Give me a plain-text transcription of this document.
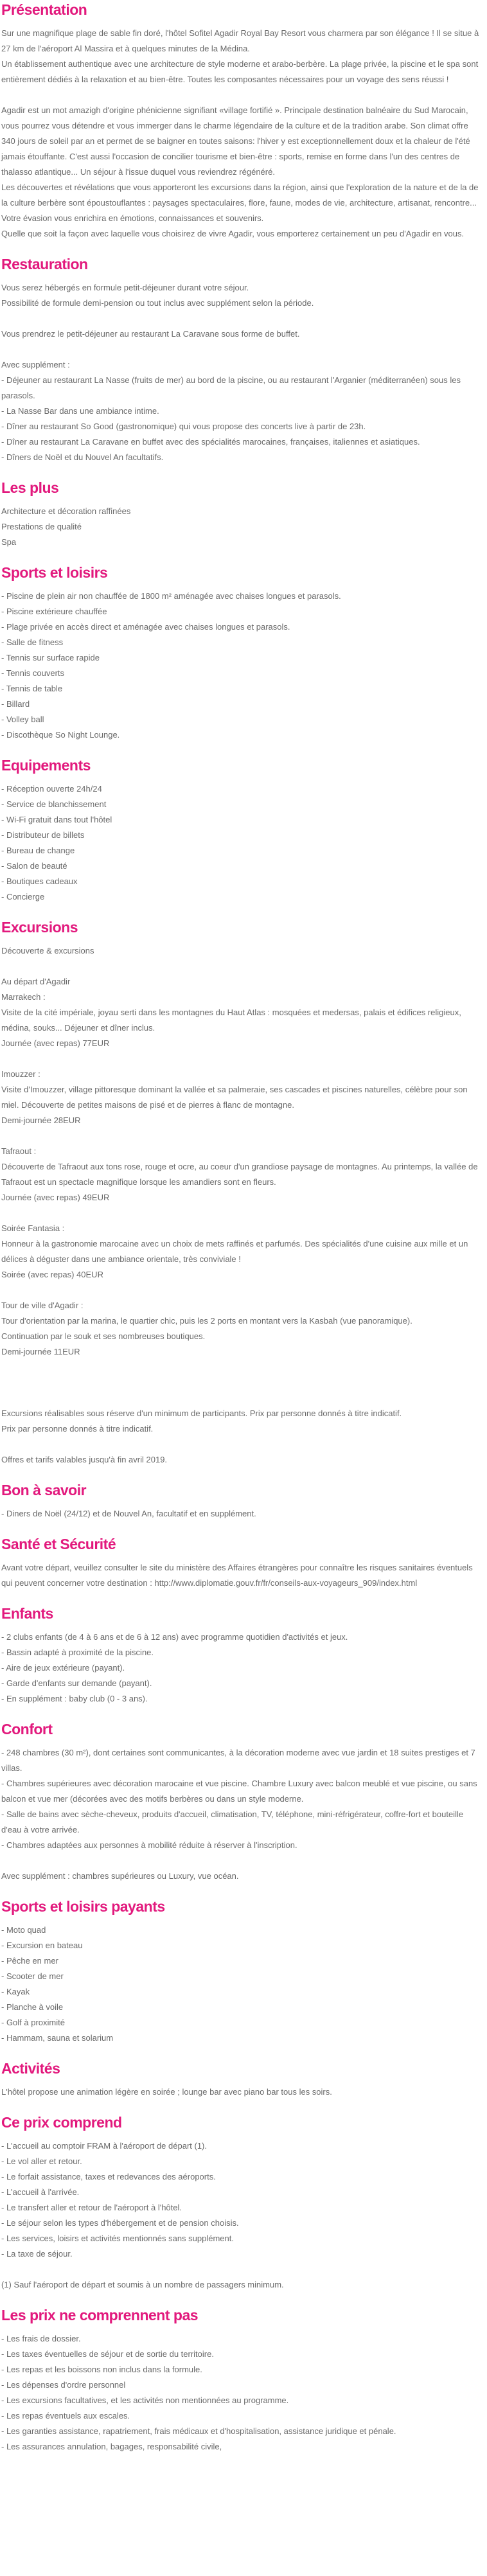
Présentation

Sur une magnifique plage de sable fin doré, l'hôtel Sofitel Agadir Royal Bay Resort vous charmera par son élégance ! Il se situe à 27 km de l'aéroport Al Massira et à quelques minutes de la Médina.

Un établissement authentique avec une architecture de style moderne et arabo-berbère. La plage privée, la piscine et le spa sont entièrement dédiés à la relaxation et au bien-être. Toutes les composantes nécessaires pour un voyage des sens réussi !

Agadir est un mot amazigh d'origine phénicienne signifiant «village fortifié ». Principale destination balnéaire du Sud Marocain, vous pourrez vous détendre et vous immerger dans le charme légendaire de la culture et de la tradition arabe. Son climat offre 340 jours de soleil par an et permet de se baigner en toutes saisons: l'hiver y est exceptionnellement doux et la chaleur de l'été jamais étouffante. C'est aussi l'occasion de concilier tourisme et bien-être : sports, remise en forme dans l'un des centres de thalasso atlantique... Un séjour à l'issue duquel vous reviendrez régénéré.

Les découvertes et révélations que vous apporteront les excursions dans la région, ainsi que l'exploration de la nature et de la de la culture berbère sont époustouflantes : paysages spectaculaires, flore, faune, modes de vie, architecture, artisanat, rencontre... Votre évasion vous enrichira en émotions, connaissances et souvenirs.

Quelle que soit la façon avec laquelle vous choisirez de vivre Agadir, vous emporterez certainement un peu d'Agadir en vous.

Restauration

Vous serez hébergés en formule petit-déjeuner durant votre séjour.

Possibilité de formule demi-pension ou tout inclus avec supplément selon la période.

Vous prendrez le petit-déjeuner au restaurant La Caravane sous forme de buffet.

Avec supplément :

- Déjeuner au restaurant La Nasse (fruits de mer) au bord de la piscine, ou au restaurant l'Arganier (méditerranéen) sous les parasols.

- La Nasse Bar dans une ambiance intime.

- Dîner au restaurant So Good (gastronomique) qui vous propose des concerts live à partir de 23h.

- Dîner au restaurant La Caravane en buffet avec des spécialités marocaines, françaises, italiennes et asiatiques.

- Dîners de Noël et du Nouvel An facultatifs.

Les plus

Architecture et décoration raffinées

Prestations de qualité

Spa

Sports et loisirs

- Piscine de plein air non chauffée de 1800 m² aménagée avec chaises longues et parasols.

- Piscine extérieure chauffée

- Plage privée en accès direct et aménagée avec chaises longues et parasols.

- Salle de fitness

- Tennis sur surface rapide

- Tennis couverts

- Tennis de table

- Billard

- Volley ball

- Discothèque So Night Lounge.

Equipements

- Réception ouverte 24h/24

- Service de blanchissement

- Wi-Fi gratuit dans tout l'hôtel

- Distributeur de billets

- Bureau de change

- Salon de beauté

- Boutiques cadeaux

- Concierge

Excursions

Découverte & excursions

Au départ d'Agadir

Marrakech :

Visite de la cité impériale, joyau serti dans les montagnes du Haut Atlas : mosquées et medersas, palais et édifices religieux, médina, souks... Déjeuner et dîner inclus.

Journée (avec repas) 77EUR

Imouzzer :

Visite d'Imouzzer, village pittoresque dominant la vallée et sa palmeraie, ses cascades et piscines naturelles, célèbre pour son miel. Découverte de petites maisons de pisé et de pierres à flanc de montagne.

Demi-journée 28EUR

Tafraout :

Découverte de Tafraout aux tons rose, rouge et ocre, au coeur d'un grandiose paysage de montagnes. Au printemps, la vallée de Tafraout est un spectacle magnifique lorsque les amandiers sont en fleurs.

Journée (avec repas) 49EUR

Soirée Fantasia :

Honneur à la gastronomie marocaine avec un choix de mets raffinés et parfumés. Des spécialités d'une cuisine aux mille et un délices à déguster dans une ambiance orientale, très conviviale !

Soirée (avec repas) 40EUR

Tour de ville d'Agadir :

Tour d'orientation par la marina, le quartier chic, puis les 2 ports en montant vers la Kasbah (vue panoramique).

Continuation par le souk et ses nombreuses boutiques.

Demi-journée 11EUR

Excursions réalisables sous réserve d'un minimum de participants. Prix par personne donnés à titre indicatif.

Prix par personne donnés à titre indicatif.

Offres et tarifs valables jusqu'à fin avril 2019.

Bon à savoir

- Diners de Noël (24/12) et de Nouvel An, facultatif et en supplément.

Santé et Sécurité

Avant votre départ, veuillez consulter le site du ministère des Affaires étrangères pour connaître les risques sanitaires éventuels qui peuvent concerner votre destination : http://www.diplomatie.gouv.fr/fr/conseils-aux-voyageurs_909/index.html

Enfants

- 2 clubs enfants (de 4 à 6 ans et de 6 à 12 ans) avec programme quotidien d'activités et jeux.

- Bassin adapté à proximité de la piscine.

- Aire de jeux extérieure (payant).

- Garde d'enfants sur demande (payant).

- En supplément : baby club (0 - 3 ans).

Confort

- 248 chambres (30 m²), dont certaines sont communicantes, à la décoration moderne avec vue jardin et 18 suites prestiges et 7 villas.

- Chambres supérieures avec décoration marocaine et vue piscine. Chambre Luxury avec balcon meublé et vue piscine, ou sans balcon et vue mer (décorées avec des motifs berbères ou dans un style moderne.

- Salle de bains avec sèche-cheveux, produits d'accueil, climatisation, TV, téléphone, mini-réfrigérateur, coffre-fort et bouteille d'eau à votre arrivée.

- Chambres adaptées aux personnes à mobilité réduite à réserver à l'inscription.

Avec supplément : chambres supérieures ou Luxury, vue océan.

Sports et loisirs payants

- Moto quad

- Excursion en bateau

- Pêche en mer

- Scooter de mer

- Kayak

- Planche à voile

- Golf à proximité

- Hammam, sauna et solarium

Activités

L'hôtel propose une animation légère en soirée ; lounge bar avec piano bar tous les soirs.

Ce prix comprend

- L'accueil au comptoir FRAM à l'aéroport de départ (1).

- Le vol aller et retour.

- Le forfait assistance, taxes et redevances des aéroports.

- L'accueil à l'arrivée.

- Le transfert aller et retour de l'aéroport à l'hôtel.

- Le séjour selon les types d'hébergement et de pension choisis.

- Les services, loisirs et activités mentionnés sans supplément.

- La taxe de séjour.

(1) Sauf l'aéroport de départ et soumis à un nombre de passagers minimum.

Les prix ne comprennent pas

- Les frais de dossier.

- Les taxes éventuelles de séjour et de sortie du territoire.

- Les repas et les boissons non inclus dans la formule.

- Les dépenses d'ordre personnel

- Les excursions facultatives, et les activités non mentionnées au programme.

- Les repas éventuels aux escales.

- Les garanties assistance, rapatriement, frais médicaux et d'hospitalisation, assistance juridique et pénale.

- Les assurances annulation, bagages, responsabilité civile,
